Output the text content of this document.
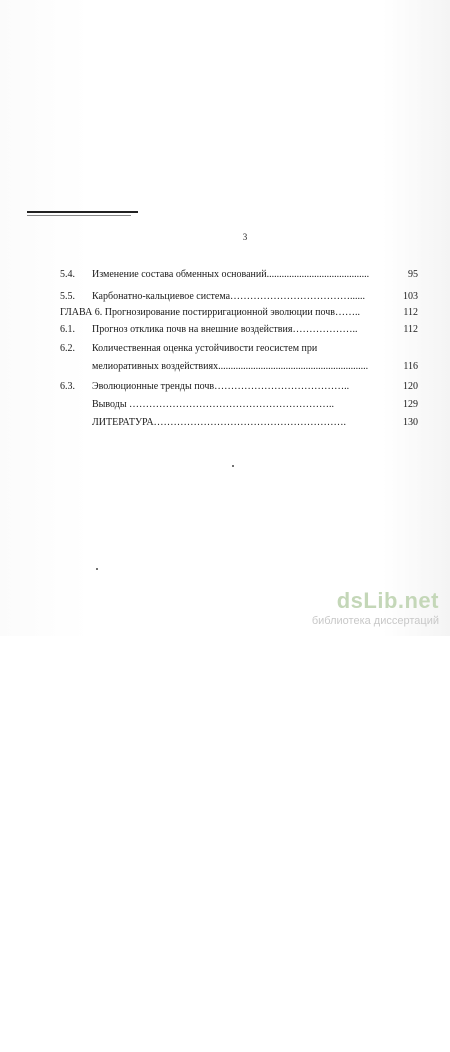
3
5.4.	Изменение состава обменных оснований.........................................	95
5.5.	Карбонатно-кальциевое система………………………………......	103
ГЛАВА 6. Прогнозирование постирригационной эволюции почв……..	112
6.1.	Прогноз отклика почв на внешние воздействия………………..	112
6.2.	Количественная оценка устойчивости геосистем при
мелиоративных воздействиях............................................................	116
6.3.	Эволюционные тренды почв…………………………………..	120
Выводы ……………………………………………………..	129
ЛИТЕРАТУРА………………………………………………….	130
dsLib.net
библиотека диссертаций
